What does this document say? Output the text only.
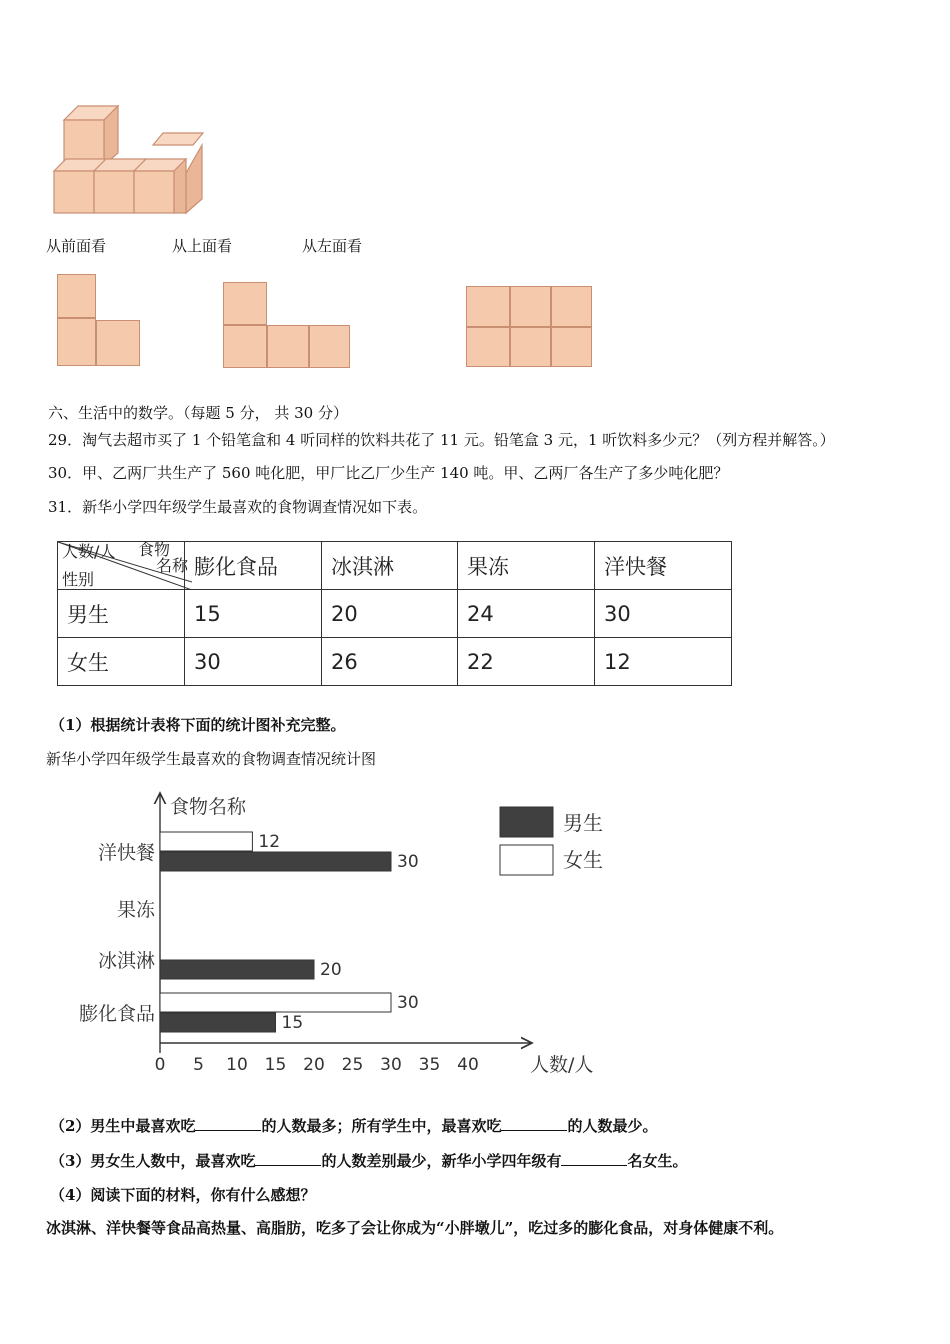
从前面看	从上面看	从左面看
六、生活中的数学。（每题 5 分， 共 30 分）
29．淘气去超市买了 1 个铅笔盒和 4 听同样的饮料共花了 11 元。铅笔盒 3 元，1 听饮料多少元？（列方程并解答。）
30．甲、乙两厂共生产了 560 吨化肥，甲厂比乙厂少生产 140 吨。甲、乙两厂各生产了多少吨化肥？
31．新华小学四年级学生最喜欢的食物调查情况如下表。
人数/人 食物
名称
性别	膨化食品	冰淇淋	果冻	洋快餐
男生	15	20	24	30
女生	30	26	22	12
（1）根据统计表将下面的统计图补充完整。
新华小学四年级学生最喜欢的食物调查情况统计图
食物名称
人数/人
30
15
20
12
30
0 5 10 15 20 25 30 35 40
膨化食品
冰淇淋
果冻
洋快餐
男生
女生
（2）男生中最喜欢吃	的人数最多；所有学生中，最喜欢吃	的人数最少。
（3）男女生人数中，最喜欢吃	的人数差别最少，新华小学四年级有	名女生。
（4）阅读下面的材料，你有什么感想？
冰淇淋、洋快餐等食品高热量、高脂肪，吃多了会让你成为“小胖墩儿”，吃过多的膨化食品，对身体健康不利。
